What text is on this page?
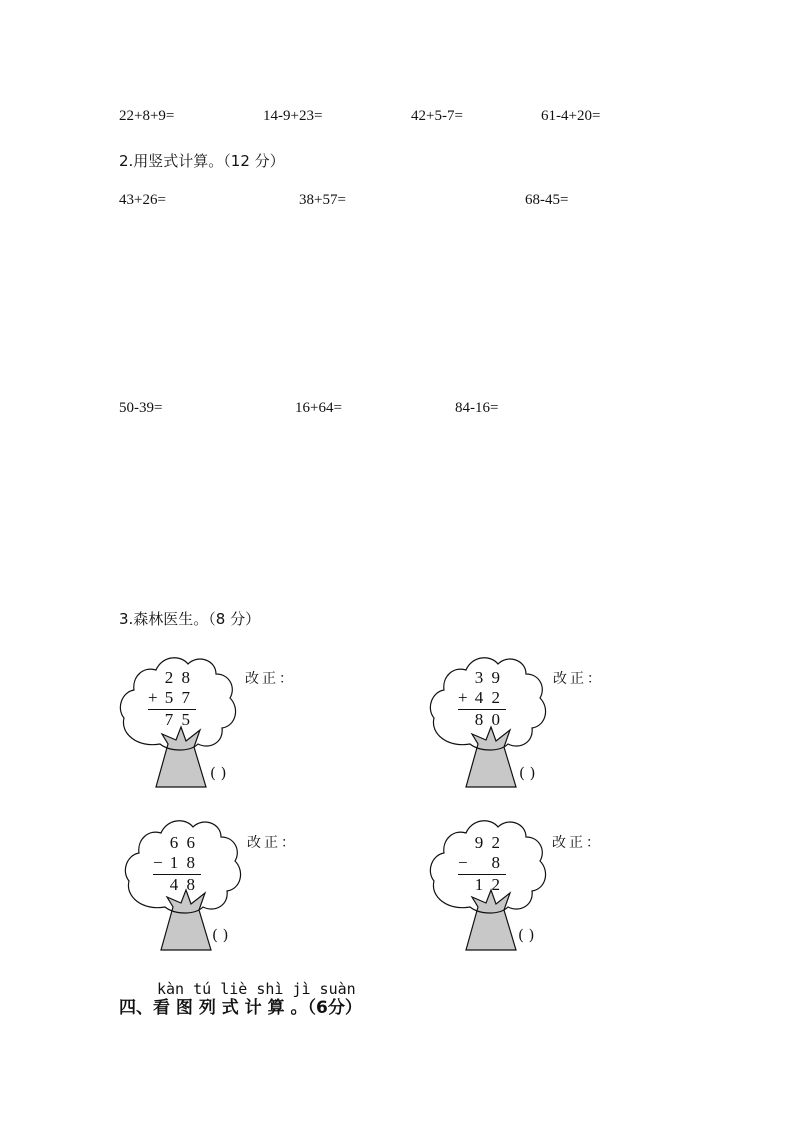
22+8+9=	14-9+23=	42+5-7=	61-4+20=
2.用竖式计算。（12 分）
43+26=	38+57=	68-45=
50-39=	16+64=	84-16=
3.森林医生。（8 分）
2 8
+ 5 7
7 5
改正：
( )
3 9
+ 4 2
8 0
改正：
( )
6 6
− 1 8
4 8
改正：
( )
9 2
− 8
1 2
改正：
( )
kàn tú liè shì jì suàn
四、看 图 列 式 计 算 。（6分）
